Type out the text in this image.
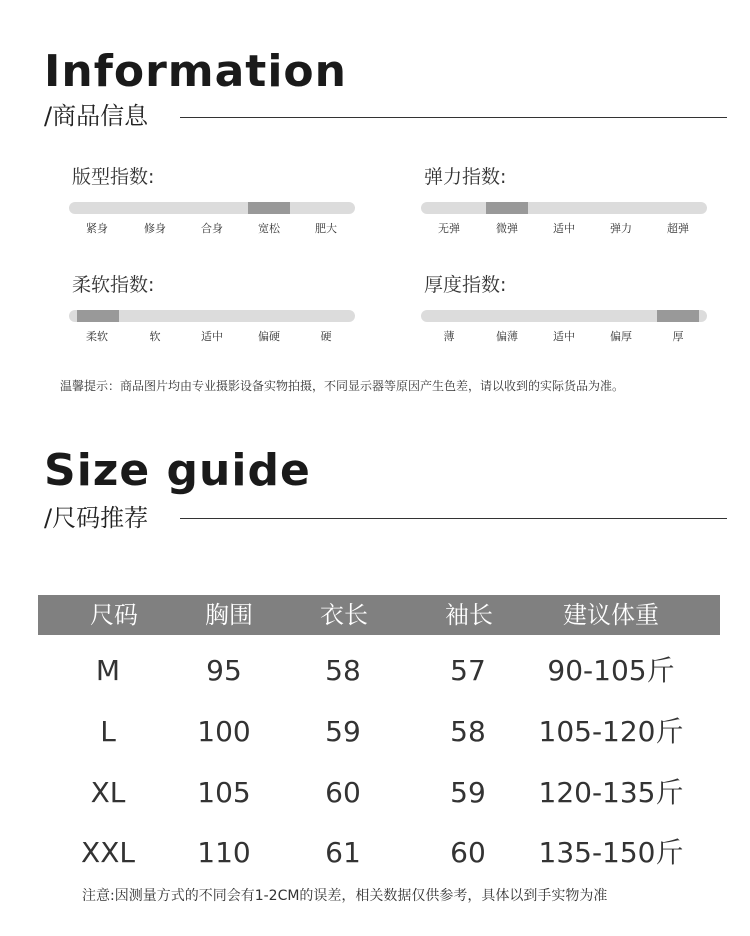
Information
/商品信息
版型指数:
紧身	修身	合身	宽松	肥大
弹力指数:
无弹	微弹	适中	弹力	超弹
柔软指数:
柔软	软	适中	偏硬	硬
厚度指数:
薄	偏薄	适中	偏厚	厚
温馨提示：商品图片均由专业摄影设备实物拍摄，不同显示器等原因产生色差，请以收到的实际货品为准。
Size guide
/尺码推荐
尺码	胸围	衣长	袖长	建议体重
M	95	58	57	90-105斤
L	100	59	58	105-120斤
XL	105	60	59	120-135斤
XXL	110	61	60	135-150斤
注意:因测量方式的不同会有1-2CM的误差，相关数据仅供参考，具体以到手实物为准
